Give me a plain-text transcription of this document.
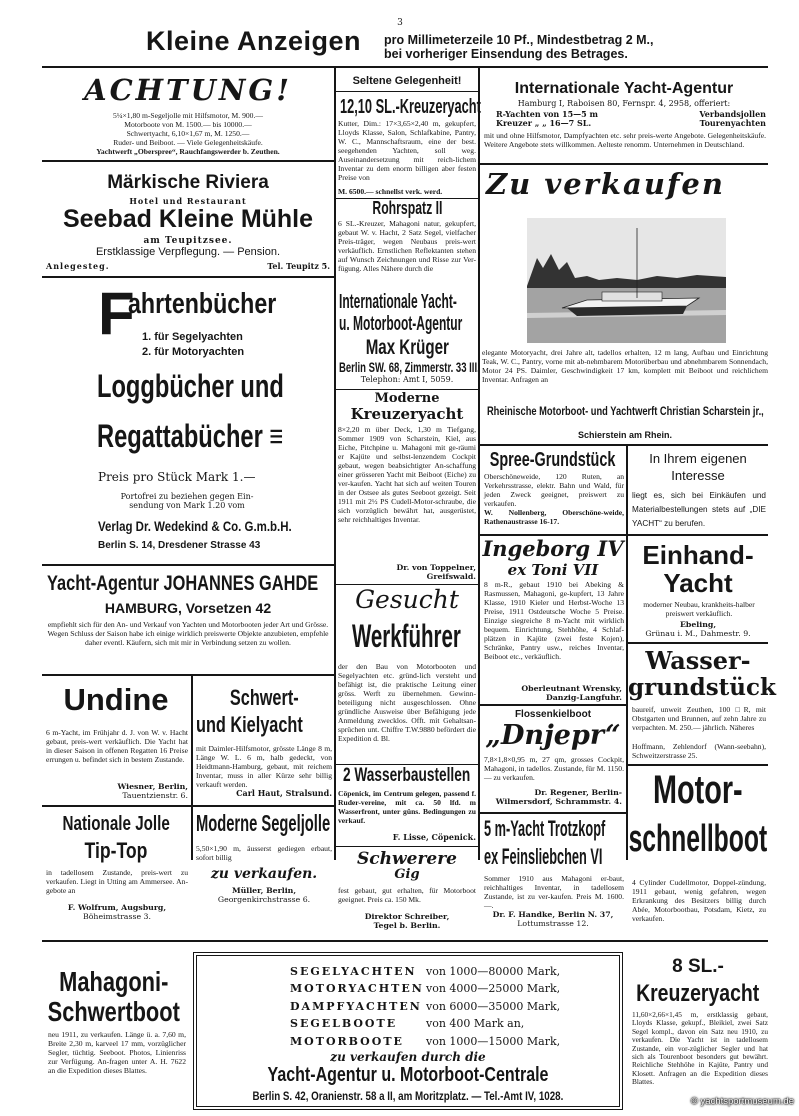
3
Kleine Anzeigen pro Millimeterzeile 10 Pf., Mindestbetrag 2 M.,
bei vorheriger Einsendung des Betrages.
ACHTUNG!
5¼×1,80 m-Segeljolle mit Hilfsmotor, M. 900.—
Motorboote von M. 1500.— bis 10000.—
Schwertyacht, 6,10×1,67 m, M. 1250.—
Ruder- und Beiboot. — Viele Gelegenheitskäufe.
Yachtwerft „Oberspree“, Rauchfangswerder b. Zeuthen.
Märkische Riviera
Hotel und Restaurant
Seebad Kleine Mühle
am Teupitzsee.
Erstklassige Verpflegung. — Pension.
Anlegesteg.	Tel. Teupitz 5.
F
ahrtenbücher
1. für Segelyachten
2. für Motoryachten
Loggbücher und
Regattabücher ≡
Preis pro Stück Mark 1.—
Portofrei zu beziehen gegen Ein-
sendung von Mark 1.20 vom
Verlag Dr. Wedekind & Co. G.m.b.H.
Berlin S. 14, Dresdener Strasse 43
Yacht-Agentur JOHANNES GAHDE
HAMBURG, Vorsetzen 42
empfiehlt sich für den An- und Verkauf von Yachten und Motorbooten jeder Art und Grösse. Wegen Schluss der Saison habe ich einige wirklich preiswerte Objekte anzubieten, empfehle daher eventl. Käufern, sich mit mir in Verbindung setzen zu wollen.
Undine
6 m-Yacht, im Frühjahr d. J. von W. v. Hacht gebaut, preis-wert verkäuflich. Die Yacht hat in dieser Saison in offenen Regatten 16 Preise errungen u. befindet sich in bestem Zustande.
Wiesner, Berlin,
Tauentzienstr. 6.
Nationale Jolle
Tip-Top
in tadellosem Zustande, preis-wert zu verkaufen. Liegt in Utting am Ammersee. An-gebote an
F. Wolfrum, Augsburg,
Böheimstrasse 3.
Schwert-
und Kielyacht
mit Daimler-Hilfsmotor, grösste Länge 8 m, Länge W. L. 6 m, halb gedeckt, von Heidtmann-Hamburg, gebaut, mit reichem Inventar, muss in aller Kürze sehr billig verkauft werden.
Carl Haut, Stralsund.
Moderne Segeljolle
5,50×1,90 m, äusserst gediegen erbaut, sofort billig
zu verkaufen.
Müller, Berlin,
Georgenkirchstrasse 6.
Seltene Gelegenheit!
12,10 SL.-Kreuzeryacht
Kutter, Dim.: 17×3,65×2,40 m, gekupfert, Lloyds Klasse, Salon, Schlafkabine, Pantry, W. C., Mannschaftsraum, eine der best. seegehenden Yachten, soll weg. Auseinandersetzung mit reich-lichem Inventar zu dem enorm billigen aber festen Preise von
M. 6500.— schnellst verk. werd.
Rohrspatz II
6 SL.-Kreuzer, Mahagoni natur, gekupfert, gebaut W. v. Hacht, 2 Satz Segel, vielfacher Preis-träger, wegen Neubaus preis-wert verkäuflich. Ernstlichen Reflektanten stehen auf Wunsch Zeichnungen und Risse zur Ver-fügung. Alles Nähere durch die
Internationale Yacht-
u. Motorboot-Agentur
Max Krüger
Berlin SW. 68, Zimmerstr. 33 III.
Telephon: Amt I, 5059.
Moderne
Kreuzeryacht
8×2,20 m über Deck, 1,30 m Tiefgang, Sommer 1909 von Scharstein, Kiel, aus Eiche, Pitchpine u. Mahagoni mit ge-räumi er Kajüte und selbst-lenzendem Cockpit gebaut, wegen beabsichtigter An-schaffung einer grösseren Yacht mit Beiboot (Eiche) zu ver-kaufen. Yacht hat sich auf weiten Touren in der Ostsee als gutes Seeboot gezeigt. Seit 1911 mit 2½ PS Cudell-Motor-schraube, die sich vorzüglich bewährt hat, ausgerüstet, sehr reichhaltiges Inventar.
Dr. von Toppelner,
Greifswald.
Gesucht
Werkführer
der den Bau von Motorbooten und Segelyachten etc. gründ-lich versteht und befähigt ist, die praktische Leitung einer gröss. Werft zu übernehmen. Gewinn-beteiligung nicht ausgeschlossen. Ohne gründliche Ausweise über Befähigung jede Anmeldung zwecklos. Offt. mit Gehaltsan-sprüchen unt. Chiffre T.W.9880 befördert die Expedition d. Bl.
2 Wasserbaustellen
Cöpenick, im Centrum gelegen, passend f. Ruder-vereine, mit ca. 50 lfd. m Wasserfront, unter güns. Bedingungen zu verkauf.
F. Lisse, Cöpenick.
Schwerere
Gig
fest gebaut, gut erhalten, für Motorboot geeignet. Preis ca. 150 Mk.
Direktor Schreiber,
Tegel b. Berlin.
Internationale Yacht-Agentur
Hamburg I, Raboisen 80, Fernspr. 4, 2958, offeriert:
R-Yachten von 15—5 m
Kreuzer „ „ 16—7 SL.
Verbandsjollen
Tourenyachten
mit und ohne Hilfsmotor, Dampfyachten etc. sehr preis-werte Angebote. Gelegenheitskäufe. Weitere Angebote stets willkommen. Aelteste renomm. Unternehmen in Deutschland.
Zu verkaufen
elegante Motoryacht, drei Jahre alt, tadellos erhalten, 12 m lang, Aufbau und Einrichtung Teak, W. C., Pantry, vorne mit ab-nehmbarem Motorüberbau und abnehmbarem Sonnendach, Motor 24 PS. Daimler, Geschwindigkeit 17 km, komplett mit Beiboot und reichlichem Inventar. Anfragen an
Rheinische Motorboot- und Yachtwerft Christian Scharstein jr.,
Schierstein am Rhein.
Spree-Grundstück
Oberschöneweide, 120 Ruten, an Verkehrsstrasse, elektr. Bahn und Wald, für jeden Zweck geeignet, preiswert zu verkaufen.
W. Nollenberg, Oberschöne-weide, Rathenaustrasse 16-17.
In Ihrem eigenen
Interesse
liegt es, sich bei Einkäufen und Materialbestellungen stets auf „DIE YACHT“ zu berufen.
Ingeborg IV
ex Toni VII
8 m-R., gebaut 1910 bei Abeking & Rasmussen, Mahagoni, ge-kupfert, 13 Jahre Klasse, 1910 Kieler und Herbst-Woche 13 Preise, 1911 Ostdeutsche Woche 5 Preise. Einzige siegreiche 8 m-Yacht mit wirklich bequem. Einrichtung, Stehhöhe, 4 Schlaf-plätzen in Kajüte (zwei feste Kojen), Schränke, Pantry usw., reiches Inventar, Beiboot etc., verkäuflich.
Oberleutnant Wrensky,
Danzig-Langfuhr.
Einhand-
Yacht
moderner Neubau, krankheits-halber preiswert verkäuflich.
Ebeling,
Grünau i. M., Dahmestr. 9.
Flossenkielboot
„Dnjepr“
7,8×1,8×0,95 m, 27 qm, grosses Cockpit, Mahagoni, in tadellos. Zustande, für M. 1150.— zu verkaufen.
Dr. Regener, Berlin-
Wilmersdorf, Schrammstr. 4.
Wasser-
grundstück
baureif, unweit Zeuthen, 100 □R, mit Obstgarten und Brunnen, auf zehn Jahre zu verpachten. M. 250.— jährlich. Näheres
Hoffmann, Zehlendorf (Wann-seebahn), Schweitzerstrasse 25.
5 m-Yacht Trotzkopf
ex Feinsliebchen VI
Sommer 1910 aus Mahagoni er-baut, reichhaltiges Inventar, in tadellosem Zustande, ist zu ver-kaufen. Preis M. 1600.—.
Dr. F. Handke, Berlin N. 37,
Lottumstrasse 12.
Motor-
schnellboot
4 Cylinder Cudellmotor, Doppel-zündung, 1911 gebaut, wenig gefahren, wegen Erkrankung des Besitzers billig durch Abée, Motorbootbau, Potsdam, Kietz, zu verkaufen.
Mahagoni-
Schwertboot
neu 1911, zu verkaufen. Länge ü. a. 7,60 m, Breite 2,30 m, karveel 17 mm, vorzüglicher Segler, tüchtig. Seeboot. Photos, Linienriss zur Verfügung. An-fragen unter A. H. 7622 an die Expedition dieses Blattes.
SEGELYACHTEN von 1000—80000 Mark,
MOTORYACHTEN von 4000—25000 Mark,
DAMPFYACHTEN von 6000—35000 Mark,
SEGELBOOTE	von 400 Mark an,
MOTORBOOTE von 1000—15000 Mark,
zu verkaufen durch die
Yacht-Agentur u. Motorboot-Centrale
Berlin S. 42, Oranienstr. 58 a II, am Moritzplatz. — Tel.-Amt IV, 1028.
8 SL.-
Kreuzeryacht
11,60×2,66×1,45 m, erstklassig gebaut, Lloyds Klasse, gekupf., Bleikiel, zwei Satz Segel kompl., davon ein Satz neu 1910, zu verkaufen. Die Yacht ist in tadellosem Zustande, ein vor-züglicher Segler und hat sich als Tourenboot besonders gut bewährt. Reichliche Stehhöhe in Kajüte, Pantry und Klosett. Anfragen an die Expedition dieses Blattes.
© yachtsportmuseum.de
